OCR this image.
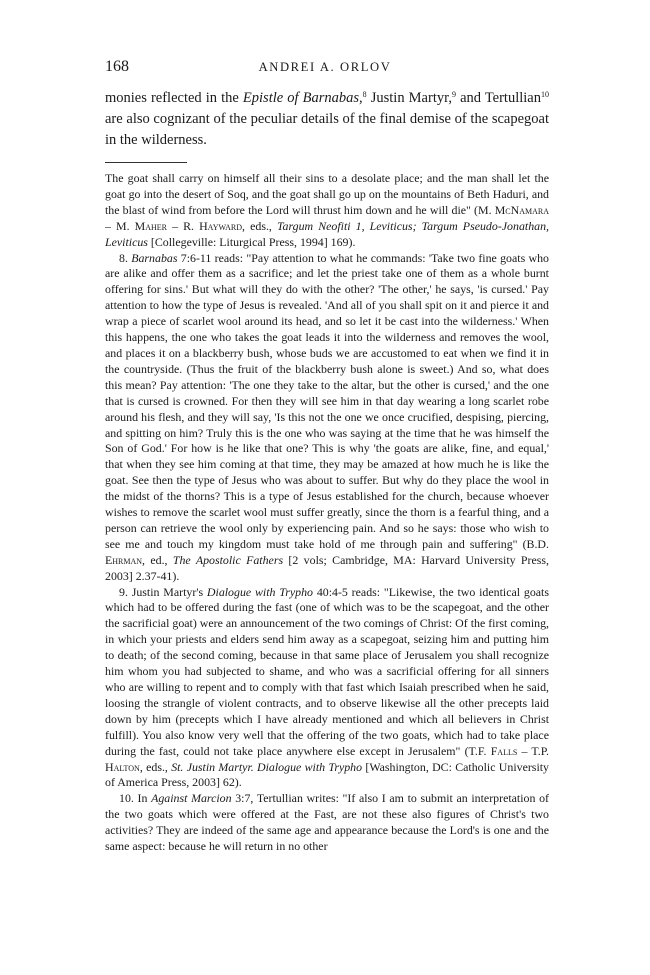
168	ANDREI A. ORLOV

monies reflected in the Epistle of Barnabas,$^8$ Justin Martyr,$^9$ and Tertullian$^{10}$ are also cognizant of the peculiar details of the final demise of the scapegoat in the wilderness.

The goat shall carry on himself all their sins to a desolate place; and the man shall let the goat go into the desert of Soq, and the goat shall go up on the mountains of Beth Haduri, and the blast of wind from before the Lord will thrust him down and he will die" (M. McNamara – M. Maher – R. Hayward, eds., Targum Neofiti 1, Leviticus; Targum Pseudo-Jonathan, Leviticus [Collegeville: Liturgical Press, 1994] 169).

8. Barnabas 7:6-11 reads: "Pay attention to what he commands: 'Take two fine goats who are alike and offer them as a sacrifice; and let the priest take one of them as a whole burnt offering for sins.' But what will they do with the other? 'The other,' he says, 'is cursed.' Pay attention to how the type of Jesus is revealed. 'And all of you shall spit on it and pierce it and wrap a piece of scarlet wool around its head, and so let it be cast into the wilderness.' When this happens, the one who takes the goat leads it into the wilderness and removes the wool, and places it on a blackberry bush, whose buds we are accustomed to eat when we find it in the countryside. (Thus the fruit of the blackberry bush alone is sweet.) And so, what does this mean? Pay attention: 'The one they take to the altar, but the other is cursed,' and the one that is cursed is crowned. For then they will see him in that day wearing a long scarlet robe around his flesh, and they will say, 'Is this not the one we once crucified, despising, piercing, and spitting on him? Truly this is the one who was saying at the time that he was himself the Son of God.' For how is he like that one? This is why 'the goats are alike, fine, and equal,' that when they see him coming at that time, they may be amazed at how much he is like the goat. See then the type of Jesus who was about to suffer. But why do they place the wool in the midst of the thorns? This is a type of Jesus established for the church, because whoever wishes to remove the scarlet wool must suffer greatly, since the thorn is a fearful thing, and a person can retrieve the wool only by experiencing pain. And so he says: those who wish to see me and touch my kingdom must take hold of me through pain and suffering" (B.D. Ehrman, ed., The Apostolic Fathers [2 vols; Cambridge, MA: Harvard University Press, 2003] 2.37-41).

9. Justin Martyr's Dialogue with Trypho 40:4-5 reads: "Likewise, the two identical goats which had to be offered during the fast (one of which was to be the scapegoat, and the other the sacrificial goat) were an announcement of the two comings of Christ: Of the first coming, in which your priests and elders send him away as a scapegoat, seizing him and putting him to death; of the second coming, because in that same place of Jerusalem you shall recognize him whom you had subjected to shame, and who was a sacrificial offering for all sinners who are willing to repent and to comply with that fast which Isaiah prescribed when he said, loosing the strangle of violent contracts, and to observe likewise all the other precepts laid down by him (precepts which I have already mentioned and which all believers in Christ fulfill). You also know very well that the offering of the two goats, which had to take place during the fast, could not take place anywhere else except in Jerusalem" (T.F. Falls – T.P. Halton, eds., St. Justin Martyr. Dialogue with Trypho [Washington, DC: Catholic University of America Press, 2003] 62).

10. In Against Marcion 3:7, Tertullian writes: "If also I am to submit an interpretation of the two goats which were offered at the Fast, are not these also figures of Christ's two activities? They are indeed of the same age and appearance because the Lord's is one and the same aspect: because he will return in no other
